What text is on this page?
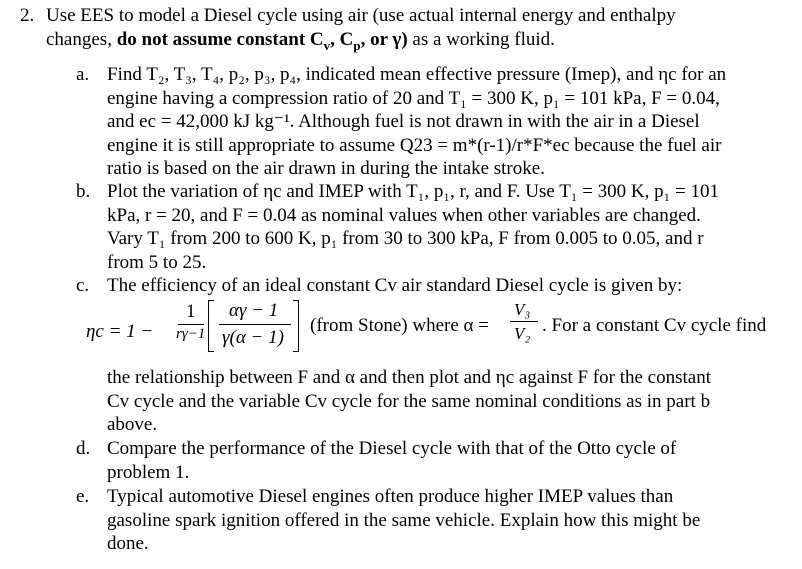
2. Use EES to model a Diesel cycle using air (use actual internal energy and enthalpy
changes, do not assume constant $C_v$, $C_p$, or γ) as a working fluid.
a. Find T₂, T₃, T₄, p₂, p₃, p₄, indicated mean effective pressure (Imep), and ηc for an
engine having a compression ratio of 20 and T₁ = 300 K, p₁ = 101 kPa, F = 0.04,
and ec = 42,000 kJ kg⁻¹. Although fuel is not drawn in with the air in a Diesel
engine it is still appropriate to assume Q23 = m*(r-1)/r*F*ec because the fuel air
ratio is based on the air drawn in during the intake stroke.
b. Plot the variation of ηc and IMEP with T₁, p₁, r, and F. Use T₁ = 300 K, p₁ = 101
kPa, r = 20, and F = 0.04 as nominal values when other variables are changed.
Vary T₁ from 200 to 600 K, p₁ from 30 to 300 kPa, F from 0.005 to 0.05, and r
from 5 to 25.
c. The efficiency of an ideal constant Cv air standard Diesel cycle is given by:
ηc = 1 −
1
rγ−1
αγ − 1
γ(α − 1)
(from Stone) where α =
V₃
V₂ . For a constant Cv cycle find
the relationship between F and α and then plot and ηc against F for the constant
Cv cycle and the variable Cv cycle for the same nominal conditions as in part b
above.
d. Compare the performance of the Diesel cycle with that of the Otto cycle of
problem 1.
e. Typical automotive Diesel engines often produce higher IMEP values than
gasoline spark ignition offered in the same vehicle. Explain how this might be
done.
